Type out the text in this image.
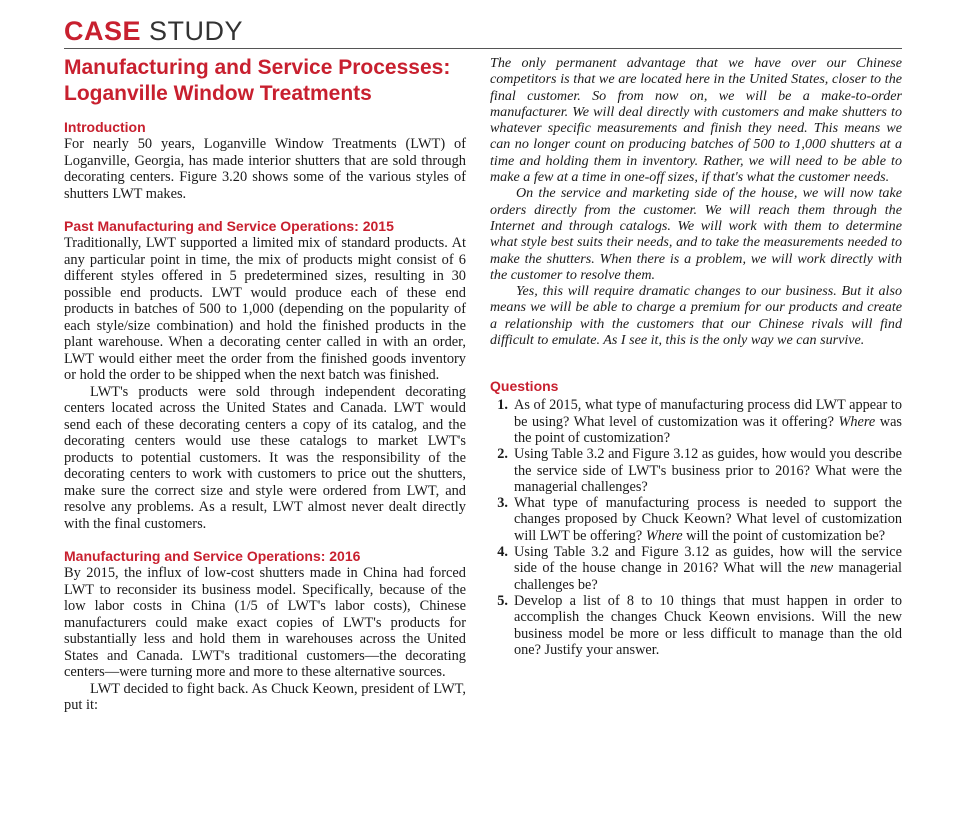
CASE STUDY
Manufacturing and Service Processes:
Loganville Window Treatments
Introduction

For nearly 50 years, Loganville Window Treatments (LWT) of Loganville, Georgia, has made interior shutters that are sold through decorating centers. Figure 3.20 shows some of the various styles of shutters LWT makes.

Past Manufacturing and Service Operations: 2015

Traditionally, LWT supported a limited mix of standard products. At any particular point in time, the mix of products might consist of 6 different styles offered in 5 predetermined sizes, resulting in 30 possible end products. LWT would produce each of these end products in batches of 500 to 1,000 (depending on the popularity of each style/size combination) and hold the finished products in the plant warehouse. When a decorating center called in with an order, LWT would either meet the order from the finished goods inventory or hold the order to be shipped when the next batch was finished.

LWT's products were sold through independent decorating centers located across the United States and Canada. LWT would send each of these decorating centers a copy of its catalog, and the decorating centers would use these catalogs to market LWT's products to potential customers. It was the responsibility of the decorating centers to work with customers to price out the shutters, make sure the correct size and style were ordered from LWT, and resolve any problems. As a result, LWT almost never dealt directly with the final customers.

Manufacturing and Service Operations: 2016

By 2015, the influx of low-cost shutters made in China had forced LWT to reconsider its business model. Specifically, because of the low labor costs in China (1/5 of LWT's labor costs), Chinese manufacturers could make exact copies of LWT's products for substantially less and hold them in warehouses across the United States and Canada. LWT's traditional customers—the decorating centers—were turning more and more to these alternative sources.

LWT decided to fight back. As Chuck Keown, president of LWT, put it:

The only permanent advantage that we have over our Chinese competitors is that we are located here in the United States, closer to the final customer. So from now on, we will be a make-to-order manufacturer. We will deal directly with customers and make shutters to whatever specific measurements and finish they need. This means we can no longer count on producing batches of 500 to 1,000 shutters at a time and holding them in inventory. Rather, we will need to be able to make a few at a time in one-off sizes, if that's what the customer needs.

On the service and marketing side of the house, we will now take orders directly from the customer. We will reach them through the Internet and through catalogs. We will work with them to determine what style best suits their needs, and to take the measurements needed to make the shutters. When there is a problem, we will work directly with the customer to resolve them.

Yes, this will require dramatic changes to our business. But it also means we will be able to charge a premium for our products and create a relationship with the customers that our Chinese rivals will find difficult to emulate. As I see it, this is the only way we can survive.

Questions
1. As of 2015, what type of manufacturing process did LWT appear to be using? What level of customization was it offering? Where was the point of customization?
2. Using Table 3.2 and Figure 3.12 as guides, how would you describe the service side of LWT's business prior to 2016? What were the managerial challenges?
3. What type of manufacturing process is needed to support the changes proposed by Chuck Keown? What level of customization will LWT be offering? Where will the point of customization be?
4. Using Table 3.2 and Figure 3.12 as guides, how will the service side of the house change in 2016? What will the new managerial challenges be?
5. Develop a list of 8 to 10 things that must happen in order to accomplish the changes Chuck Keown envisions. Will the new business model be more or less difficult to manage than the old one? Justify your answer.
